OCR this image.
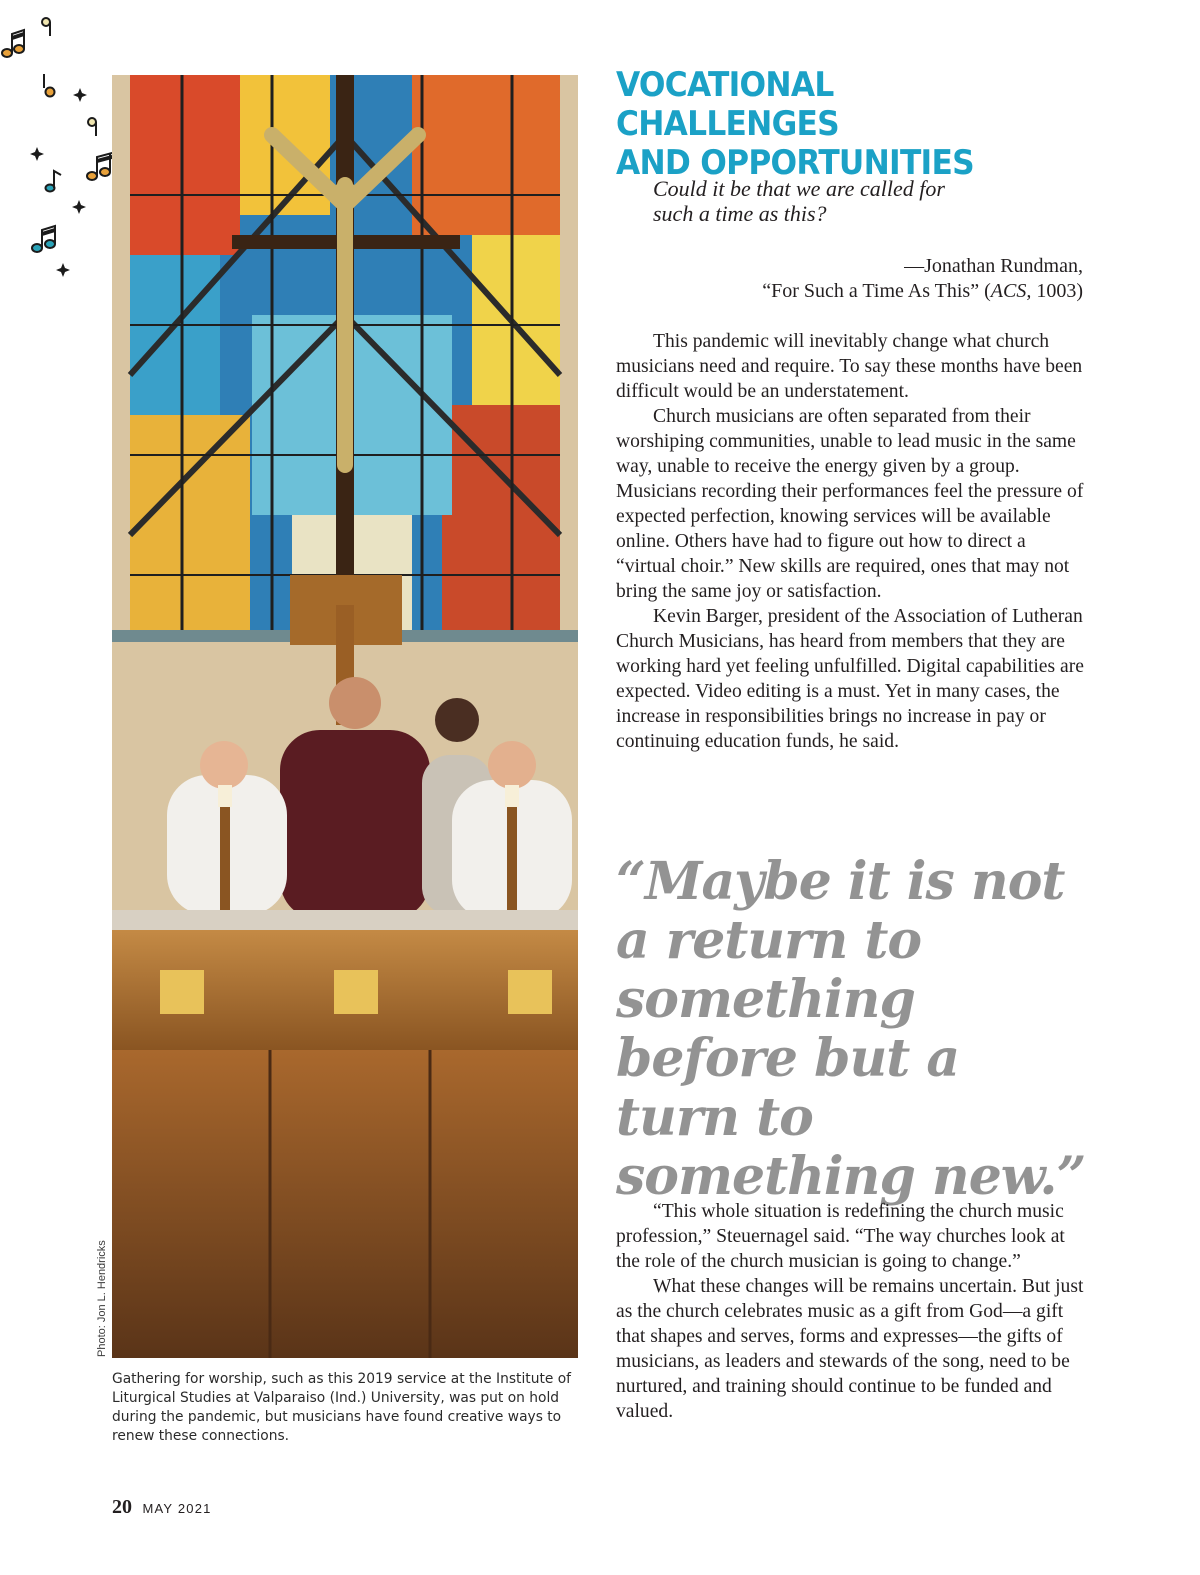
Photo: Jon L. Hendricks
Gathering for worship, such as this 2019 service at the Institute of Liturgical Studies at Valparaiso (Ind.) University, was put on hold during the pandemic, but musicians have found creative ways to renew these connections.
VOCATIONAL CHALLENGES
AND OPPORTUNITIES

Could it be that we are called for
such a time as this?

—Jonathan Rundman,
“For Such a Time As This” (ACS, 1003)

This pandemic will inevitably change what church musicians need and require. To say these months have been difficult would be an understatement.

Church musicians are often separated from their worshiping communities, unable to lead music in the same way, unable to receive the energy given by a group. Musicians recording their performances feel the pressure of expected perfection, knowing services will be available online. Others have had to figure out how to direct a “virtual choir.” New skills are required, ones that may not bring the same joy or satisfaction.

Kevin Barger, president of the Association of Lutheran Church Musicians, has heard from members that they are working hard yet feeling unfulfilled. Digital capabilities are expected. Video editing is a must. Yet in many cases, the increase in responsibilities brings no increase in pay or continuing education funds, he said.

“Maybe it is not a return to something before but a turn to something new.”

“This whole situation is redefining the church music profession,” Steuernagel said. “The way churches look at the role of the church musician is going to change.”

What these changes will be remains uncertain. But just as the church celebrates music as a gift from God—a gift that shapes and serves, forms and expresses—the gifts of musicians, as leaders and stewards of the song, need to be nurtured, and training should continue to be funded and valued.

20 MAY 2021
